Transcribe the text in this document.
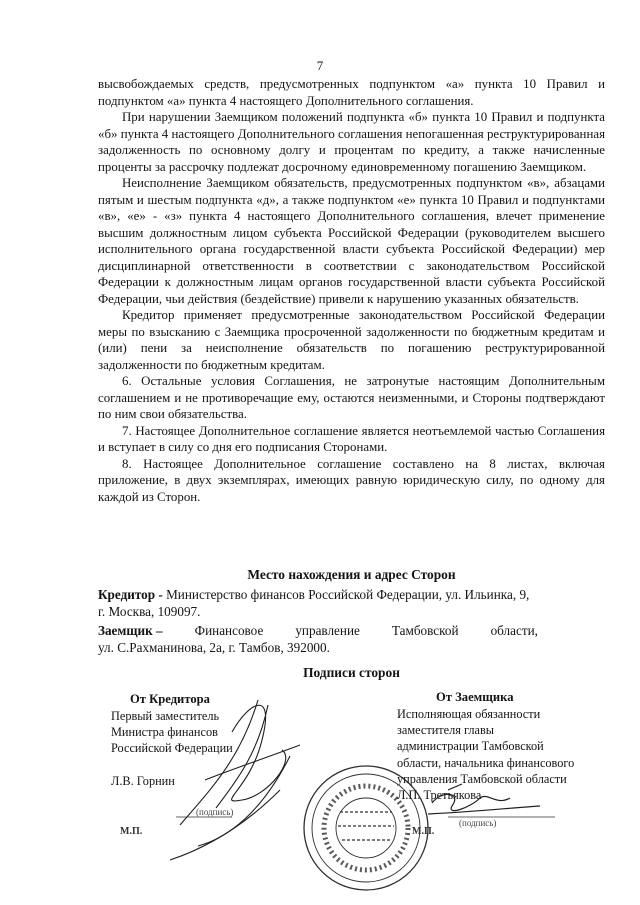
7

высвобождаемых средств, предусмотренных подпунктом «а» пункта 10 Правил и подпунктом «а» пункта 4 настоящего Дополнительного соглашения.

При нарушении Заемщиком положений подпункта «б» пункта 10 Правил и подпункта «б» пункта 4 настоящего Дополнительного соглашения непогашенная реструктурированная задолженность по основному долгу и процентам по кредиту, а также начисленные проценты за рассрочку подлежат досрочному единовременному погашению Заемщиком.

Неисполнение Заемщиком обязательств, предусмотренных подпунктом «в», абзацами пятым и шестым подпункта «д», а также подпунктом «е» пункта 10 Правил и подпунктами «в», «е» - «з» пункта 4 настоящего Дополнительного соглашения, влечет применение высшим должностным лицом субъекта Российской Федерации (руководителем высшего исполнительного органа государственной власти субъекта Российской Федерации) мер дисциплинарной ответственности в соответствии с законодательством Российской Федерации к должностным лицам органов государственной власти субъекта Российской Федерации, чьи действия (бездействие) привели к нарушению указанных обязательств.

Кредитор применяет предусмотренные законодательством Российской Федерации меры по взысканию с Заемщика просроченной задолженности по бюджетным кредитам и (или) пени за неисполнение обязательств по погашению реструктурированной задолженности по бюджетным кредитам.

6. Остальные условия Соглашения, не затронутые настоящим Дополнительным соглашением и не противоречащие ему, остаются неизменными, и Стороны подтверждают по ним свои обязательства.

7. Настоящее Дополнительное соглашение является неотъемлемой частью Соглашения и вступает в силу со дня его подписания Сторонами.

8. Настоящее Дополнительное соглашение составлено на 8 листах, включая приложение, в двух экземплярах, имеющих равную юридическую силу, по одному для каждой из Сторон.

Место нахождения и адрес Сторон

Кредитор - Министерство финансов Российской Федерации, ул. Ильинка, 9,

г. Москва, 109097.

Заемщик – Финансовое управление Тамбовской области,

ул. С.Рахманинова, 2а, г. Тамбов, 392000.

Подписи сторон
От Кредитора
Первый заместитель
Министра финансов
Российской Федерации
Л.В. Горнин
(подпись)
М.П.
От Заемщика
Исполняющая обязанности
заместителя главы
администрации Тамбовской
области, начальника финансового
управления Тамбовской области
Л.П. Третьякова
(подпись)
М.П.
